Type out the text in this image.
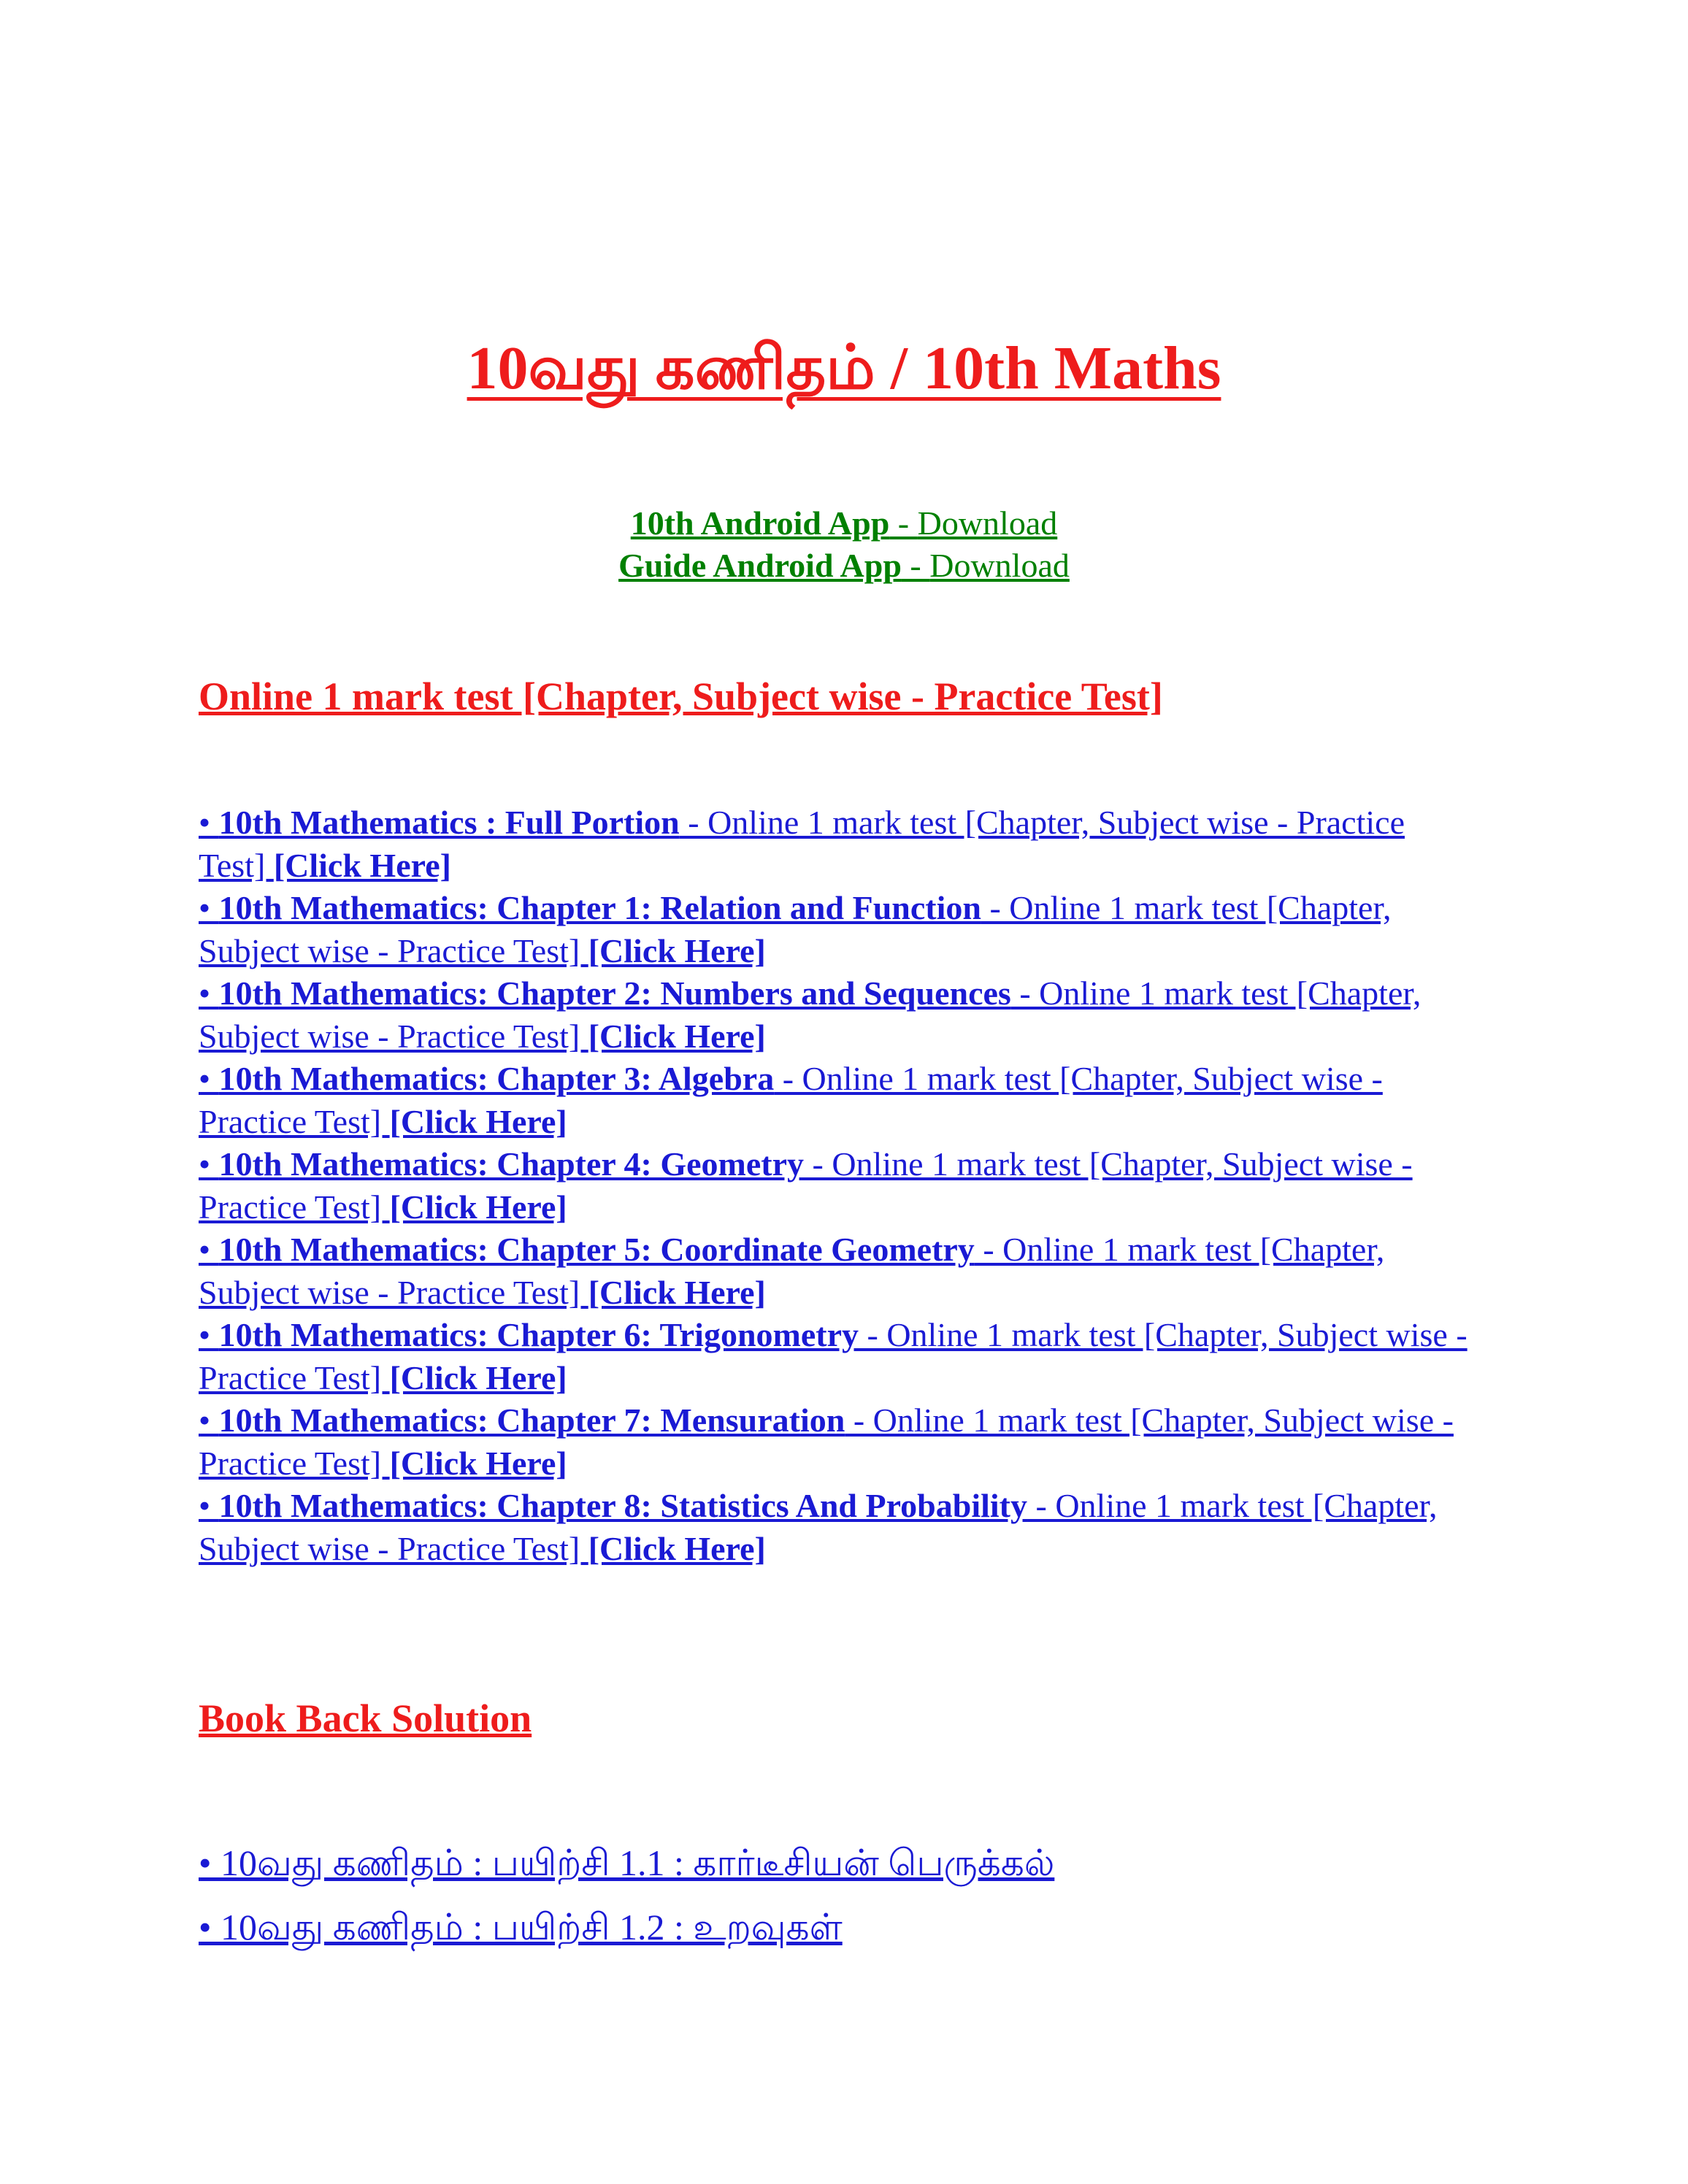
10வது கணிதம் / 10th Maths
10th Android App - Download
Guide Android App - Download
Online 1 mark test [Chapter, Subject wise - Practice Test]
• 10th Mathematics : Full Portion - Online 1 mark test [Chapter, Subject wise - Practice Test] [Click Here]
• 10th Mathematics: Chapter 1: Relation and Function - Online 1 mark test [Chapter, Subject wise - Practice Test] [Click Here]
• 10th Mathematics: Chapter 2: Numbers and Sequences - Online 1 mark test [Chapter, Subject wise - Practice Test] [Click Here]
• 10th Mathematics: Chapter 3: Algebra - Online 1 mark test [Chapter, Subject wise - Practice Test] [Click Here]
• 10th Mathematics: Chapter 4: Geometry - Online 1 mark test [Chapter, Subject wise - Practice Test] [Click Here]
• 10th Mathematics: Chapter 5: Coordinate Geometry - Online 1 mark test [Chapter, Subject wise - Practice Test] [Click Here]
• 10th Mathematics: Chapter 6: Trigonometry - Online 1 mark test [Chapter, Subject wise - Practice Test] [Click Here]
• 10th Mathematics: Chapter 7: Mensuration - Online 1 mark test [Chapter, Subject wise - Practice Test] [Click Here]
• 10th Mathematics: Chapter 8: Statistics And Probability - Online 1 mark test [Chapter, Subject wise - Practice Test] [Click Here]
Book Back Solution
• 10வது கணிதம் : பயிற்சி 1.1 : கார்டீசியன் பெருக்கல்
• 10வது கணிதம் : பயிற்சி 1.2 : உறவுகள்
